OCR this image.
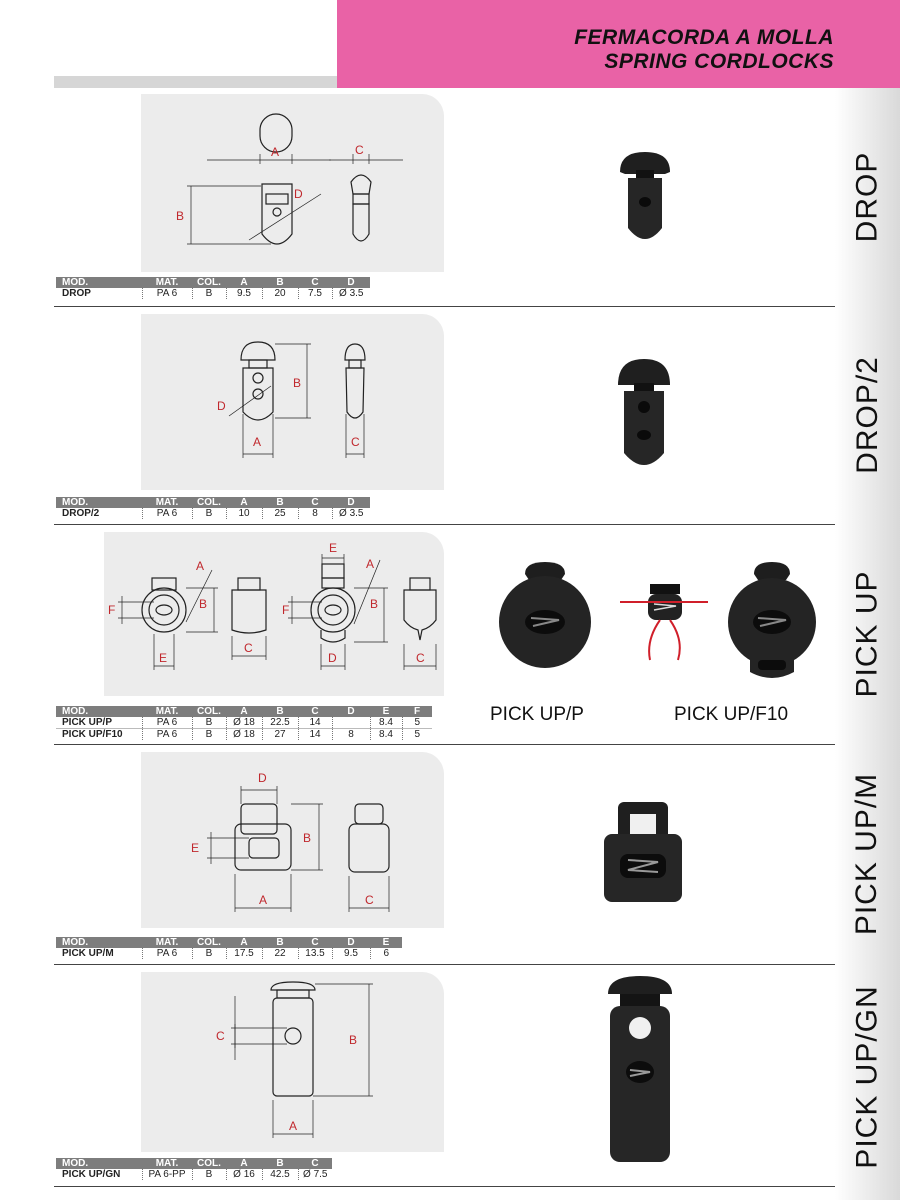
FERMACORDA A MOLLA
SPRING CORDLOCKS
A	C
B
D	DROP
MOD.	MAT.	COL.	A	B	C	D
DROP	PA 6	B	9.5	20	7.5	Ø 3.5
B
A	C
D	DROP/2
MOD.	MAT.	COL.	A	B	C	D
DROP/2	PA 6	B	10	25	8	Ø 3.5
A
B
F
E
C
E
A
B
F
D	C
PICK UP/P	PICK UP/F10
PICK UP
MOD.	MAT.	COL.	A	B	C	D	E	F
PICK UP/P	PA 6	B	Ø 18	22.5	14		8.4	5
PICK UP/F10	PA 6	B	Ø 18	27	14	8	8.4	5
D
B
E
A	C	PICK UP/M
MOD.	MAT.	COL.	A	B	C	D	E
PICK UP/M	PA 6	B	17.5	22	13.5	9.5	6
B
C
A	PICK UP/GN
MOD.	MAT.	COL.	A	B	C
PICK UP/GN	PA 6-PP	B	Ø 16	42.5	Ø 7.5
